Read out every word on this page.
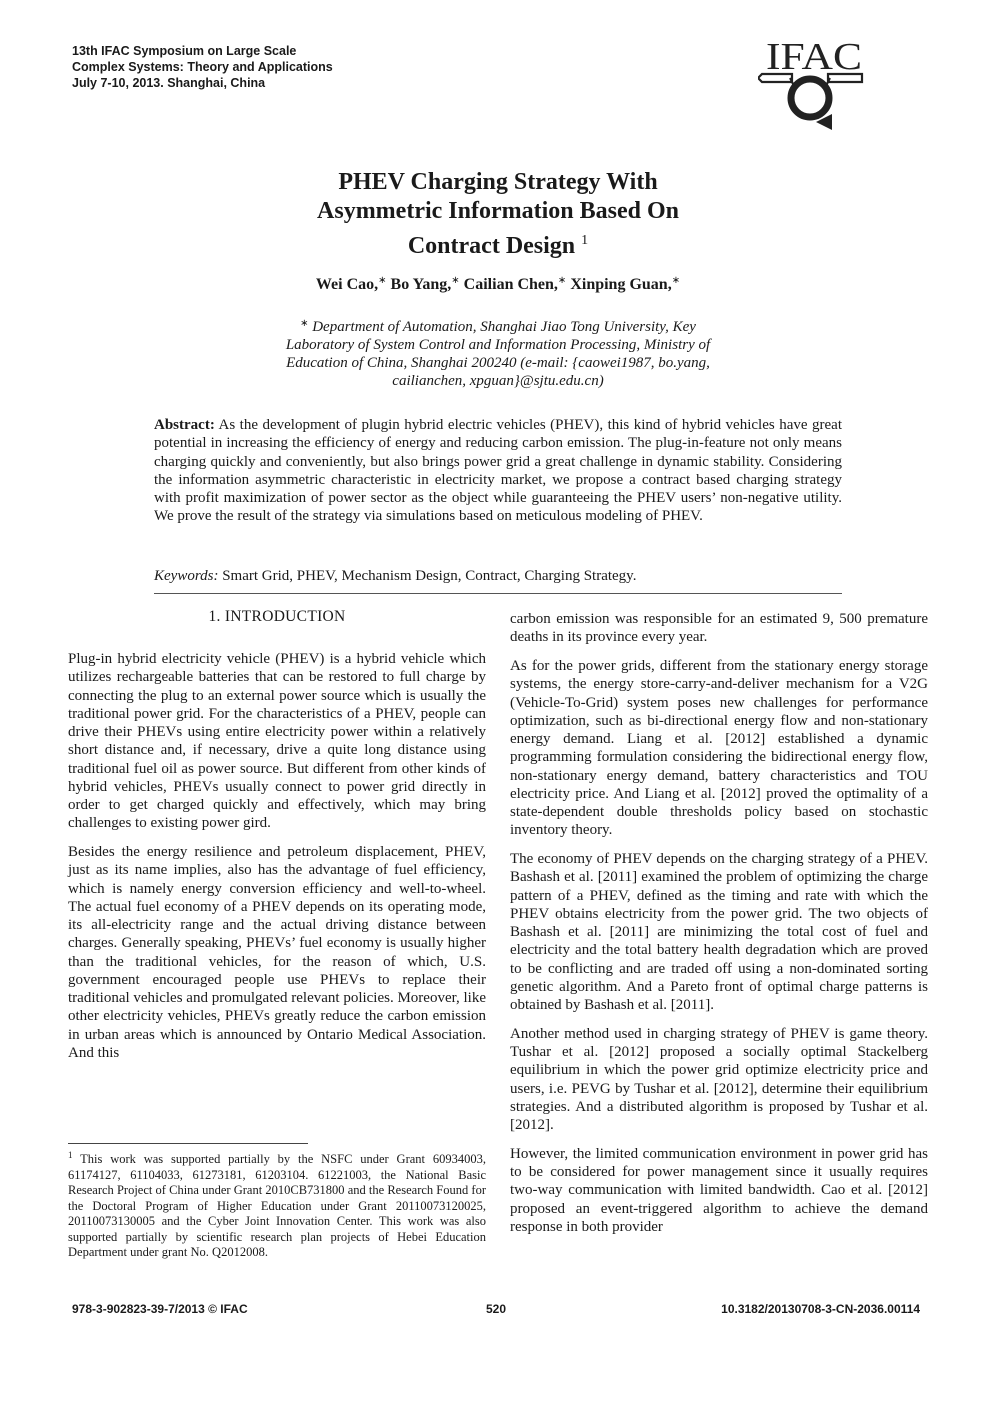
13th IFAC Symposium on Large Scale
Complex Systems: Theory and Applications
July 7-10, 2013. Shanghai, China
IFAC
PHEV Charging Strategy With
Asymmetric Information Based On
Contract Design $^1$
Wei Cao,∗ Bo Yang,∗ Cailian Chen,∗ Xinping Guan,∗
∗ Department of Automation, Shanghai Jiao Tong University, Key
Laboratory of System Control and Information Processing, Ministry of
Education of China, Shanghai 200240 (e-mail: {caowei1987, bo.yang,
cailianchen, xpguan}@sjtu.edu.cn)

Abstract: As the development of plugin hybrid electric vehicles (PHEV), this kind of hybrid vehicles have great potential in increasing the efficiency of energy and reducing carbon emission. The plug-in-feature not only means charging quickly and conveniently, but also brings power grid a great challenge in dynamic stability. Considering the information asymmetric characteristic in electricity market, we propose a contract based charging strategy with profit maximization of power sector as the object while guaranteeing the PHEV users’ non-negative utility. We prove the result of the strategy via simulations based on meticulous modeling of PHEV.

Keywords: Smart Grid, PHEV, Mechanism Design, Contract, Charging Strategy.

1. INTRODUCTION

Plug-in hybrid electricity vehicle (PHEV) is a hybrid vehicle which utilizes rechargeable batteries that can be restored to full charge by connecting the plug to an external power source which is usually the traditional power grid. For the characteristics of a PHEV, people can drive their PHEVs using entire electricity power within a relatively short distance and, if necessary, drive a quite long distance using traditional fuel oil as power source. But different from other kinds of hybrid vehicles, PHEVs usually connect to power grid directly in order to get charged quickly and effectively, which may bring challenges to existing power gird.

Besides the energy resilience and petroleum displacement, PHEV, just as its name implies, also has the advantage of fuel efficiency, which is namely energy conversion efficiency and well-to-wheel. The actual fuel economy of a PHEV depends on its operating mode, its all-electricity range and the actual driving distance between charges. Generally speaking, PHEVs’ fuel economy is usually higher than the traditional vehicles, for the reason of which, U.S. government encouraged people use PHEVs to replace their traditional vehicles and promulgated relevant policies. Moreover, like other electricity vehicles, PHEVs greatly reduce the carbon emission in urban areas which is announced by Ontario Medical Association. And this

carbon emission was responsible for an estimated 9, 500 premature deaths in its province every year.

As for the power grids, different from the stationary energy storage systems, the energy store-carry-and-deliver mechanism for a V2G (Vehicle-To-Grid) system poses new challenges for performance optimization, such as bi-directional energy flow and non-stationary energy demand. Liang et al. [2012] established a dynamic programming formulation considering the bidirectional energy flow, non-stationary energy demand, battery characteristics and TOU electricity price. And Liang et al. [2012] proved the optimality of a state-dependent double thresholds policy based on stochastic inventory theory.

The economy of PHEV depends on the charging strategy of a PHEV. Bashash et al. [2011] examined the problem of optimizing the charge pattern of a PHEV, defined as the timing and rate with which the PHEV obtains electricity from the power grid. The two objects of Bashash et al. [2011] are minimizing the total cost of fuel and electricity and the total battery health degradation which are proved to be conflicting and are traded off using a non-dominated sorting genetic algorithm. And a Pareto front of optimal charge patterns is obtained by Bashash et al. [2011].

Another method used in charging strategy of PHEV is game theory. Tushar et al. [2012] proposed a socially optimal Stackelberg equilibrium in which the power grid optimize electricity price and users, i.e. PEVG by Tushar et al. [2012], determine their equilibrium strategies. And a distributed algorithm is proposed by Tushar et al. [2012].

However, the limited communication environment in power grid has to be considered for power management since it usually requires two-way communication with limited bandwidth. Cao et al. [2012] proposed an event-triggered algorithm to achieve the demand response in both provider

$^1$ This work was supported partially by the NSFC under Grant 60934003, 61174127, 61104033, 61273181, 61203104. 61221003, the National Basic Research Project of China under Grant 2010CB731800 and the Research Found for the Doctoral Program of Higher Education under Grant 20110073120025, 20110073130005 and the Cyber Joint Innovation Center. This work was also supported partially by scientific research plan projects of Hebei Education Department under grant No. Q2012008.

978-3-902823-39-7/2013 © IFAC	520	10.3182/20130708-3-CN-2036.00114
